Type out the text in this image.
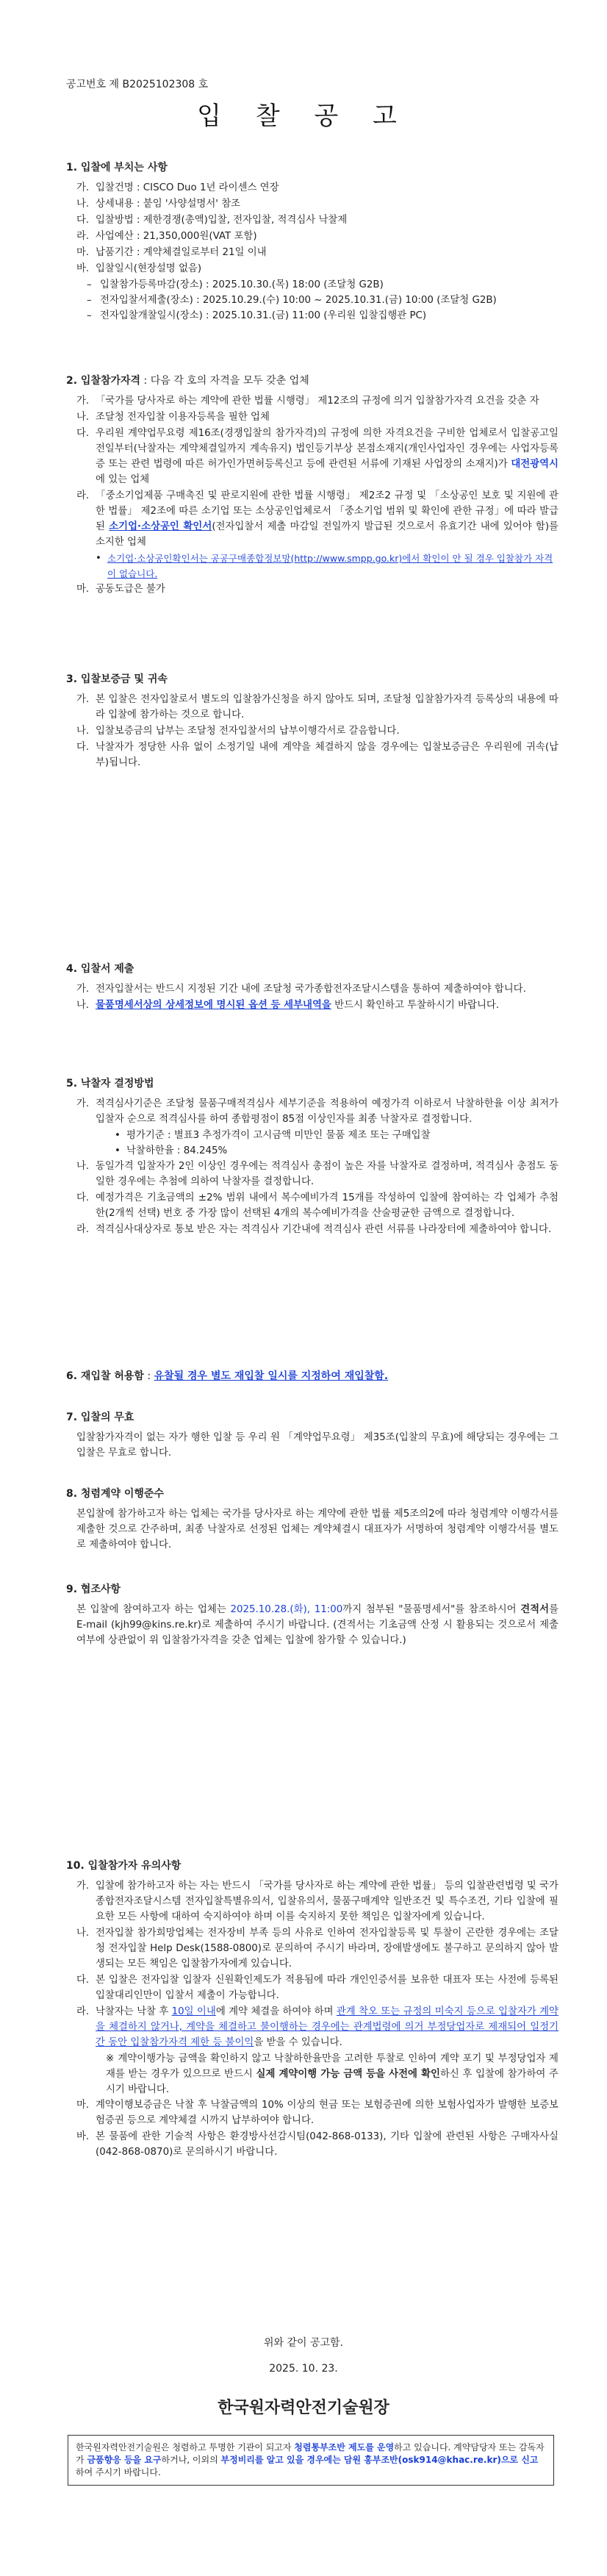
공고번호 제 B2025102308 호
입 찰 공 고
1. 입찰에 부치는 사항
가. 입찰건명 : CISCO Duo 1년 라이센스 연장
나. 상세내용 : 붙임 '사양설명서' 참조
다. 입찰방법 : 제한경쟁(총액)입찰, 전자입찰, 적격심사 낙찰제
라. 사업예산 : 21,350,000원(VAT 포함)
마. 납품기간 : 계약체결일로부터 21일 이내
바. 입찰일시(현장설명 없음)
– 입찰참가등록마감(장소) : 2025.10.30.(목) 18:00 (조달청 G2B)
– 전자입찰서제출(장소) : 2025.10.29.(수) 10:00 ~ 2025.10.31.(금) 10:00 (조달청 G2B)
– 전자입찰개찰일시(장소) : 2025.10.31.(금) 11:00 (우리원 입찰집행관 PC)
2. 입찰참가자격 : 다음 각 호의 자격을 모두 갖춘 업체
가. 「국가를 당사자로 하는 계약에 관한 법률 시행령」 제12조의 규정에 의거 입찰참가자격 요건을 갖춘 자
나. 조달청 전자입찰 이용자등록을 필한 업체
다. 우리원 계약업무요령 제16조(경쟁입찰의 참가자격)의 규정에 의한 자격요건을 구비한 업체로서 입찰공고일 전일부터(낙찰자는 계약체결일까지 계속유지) 법인등기부상 본점소재지(개인사업자인 경우에는 사업자등록증 또는 관련 법령에 따른 허가인가면허등록신고 등에 관련된 서류에 기재된 사업장의 소재지)가 대전광역시에 있는 업체
라. 「중소기업제품 구매촉진 및 판로지원에 관한 법률 시행령」 제2조2 규정 및 「소상공인 보호 및 지원에 관한 법률」 제2조에 따른 소기업 또는 소상공인업체로서 「중소기업 범위 및 확인에 관한 규정」에 따라 발급된 소기업·소상공인 확인서(전자입찰서 제출 마감일 전일까지 발급된 것으로서 유효기간 내에 있어야 함)를 소지한 업체
• 소기업·소상공인확인서는 공공구매종합정보망(http://www.smpp.go.kr)에서 확인이 안 될 경우 입찰참가 자격이 없습니다.
마. 공동도급은 불가
3. 입찰보증금 및 귀속
가. 본 입찰은 전자입찰로서 별도의 입찰참가신청을 하지 않아도 되며, 조달청 입찰참가자격 등록상의 내용에 따라 입찰에 참가하는 것으로 합니다.
나. 입찰보증금의 납부는 조달청 전자입찰서의 납부이행각서로 갈음합니다.
다. 낙찰자가 정당한 사유 없이 소정기일 내에 계약을 체결하지 않을 경우에는 입찰보증금은 우리원에 귀속(납부)됩니다.
4. 입찰서 제출
가. 전자입찰서는 반드시 지정된 기간 내에 조달청 국가종합전자조달시스템을 통하여 제출하여야 합니다.
나. 물품명세서상의 상세정보에 명시된 옵션 등 세부내역을 반드시 확인하고 투찰하시기 바랍니다.
5. 낙찰자 결정방법
가. 적격심사기준은 조달청 물품구매적격심사 세부기준을 적용하여 예정가격 이하로서 낙찰하한율 이상 최저가 입찰자 순으로 적격심사를 하여 종합평점이 85점 이상인자를 최종 낙찰자로 결정합니다.
• 평가기준 : 별표3 추정가격이 고시금액 미만인 물품 제조 또는 구매입찰
• 낙찰하한율 : 84.245%
나. 동일가격 입찰자가 2인 이상인 경우에는 적격심사 총점이 높은 자를 낙찰자로 결정하며, 적격심사 총점도 동일한 경우에는 추첨에 의하여 낙찰자를 결정합니다.
다. 예정가격은 기초금액의 ±2% 범위 내에서 복수예비가격 15개를 작성하여 입찰에 참여하는 각 업체가 추첨한(2개씩 선택) 번호 중 가장 많이 선택된 4개의 복수예비가격을 산술평균한 금액으로 결정합니다.
라. 적격심사대상자로 통보 받은 자는 적격심사 기간내에 적격심사 관련 서류를 나라장터에 제출하여야 합니다.
6. 재입찰 허용함 : 유찰될 경우 별도 재입찰 일시를 지정하여 재입찰함.
7. 입찰의 무효
입찰참가자격이 없는 자가 행한 입찰 등 우리 원 「계약업무요령」 제35조(입찰의 무효)에 해당되는 경우에는 그 입찰은 무효로 합니다.
8. 청렴계약 이행준수
본입찰에 참가하고자 하는 업체는 국가를 당사자로 하는 계약에 관한 법률 제5조의2에 따라 청렴계약 이행각서를 제출한 것으로 간주하며, 최종 낙찰자로 선정된 업체는 계약체결시 대표자가 서명하여 청렴계약 이행각서를 별도로 제출하여야 합니다.
9. 협조사항
본 입찰에 참여하고자 하는 업체는 2025.10.28.(화), 11:00까지 첨부된 "물품명세서"를 참조하시어 견적서를 E-mail (kjh99@kins.re.kr)로 제출하여 주시기 바랍니다. (견적서는 기초금액 산정 시 활용되는 것으로서 제출 여부에 상관없이 위 입찰참가자격을 갖춘 업체는 입찰에 참가할 수 있습니다.)
10. 입찰참가자 유의사항
가. 입찰에 참가하고자 하는 자는 반드시 「국가를 당사자로 하는 계약에 관한 법률」 등의 입찰관련법령 및 국가종합전자조달시스템 전자입찰특별유의서, 입찰유의서, 물품구매계약 일반조건 및 특수조건, 기타 입찰에 필요한 모든 사항에 대하여 숙지하여야 하며 이를 숙지하지 못한 책임은 입찰자에게 있습니다.
나. 전자입찰 참가희망업체는 전자장비 부족 등의 사유로 인하여 전자입찰등록 및 투찰이 곤란한 경우에는 조달청 전자입찰 Help Desk(1588-0800)로 문의하여 주시기 바라며, 장애발생에도 불구하고 문의하지 않아 발생되는 모든 책임은 입찰참가자에게 있습니다.
다. 본 입찰은 전자입찰 입찰자 신원확인제도가 적용됨에 따라 개인인증서를 보유한 대표자 또는 사전에 등록된 입찰대리인만이 입찰서 제출이 가능합니다.
라. 낙찰자는 낙찰 후 10일 이내에 계약 체결을 하여야 하며 관계 착오 또는 규정의 미숙지 등으로 입찰자가 계약을 체결하지 않거나, 계약을 체결하고 불이행하는 경우에는 관계법령에 의거 부정당업자로 제재되어 일정기간 동안 입찰참가자격 제한 등 불이익을 받을 수 있습니다.
※ 계약이행가능 금액을 확인하지 않고 낙찰하한율만을 고려한 투찰로 인하여 계약 포기 및 부정당업자 제재를 받는 경우가 있으므로 반드시 실제 계약이행 가능 금액 등을 사전에 확인하신 후 입찰에 참가하여 주시기 바랍니다.
마. 계약이행보증금은 낙찰 후 낙찰금액의 10% 이상의 현금 또는 보험증권에 의한 보험사업자가 발행한 보증보험증권 등으로 계약체결 시까지 납부하여야 합니다.
바. 본 물품에 관한 기술적 사항은 환경방사선감시팀(042-868-0133), 기타 입찰에 관련된 사항은 구매자사실(042-868-0870)로 문의하시기 바랍니다.
위와 같이 공고함.
2025. 10. 23.
한국원자력안전기술원장
한국원자력안전기술원은 청렴하고 투명한 기관이 되고자 청렴통부조반 제도를 운영하고 있습니다. 계약담당자 또는 감독자가 금품향응 등을 요구하거나, 이외의 부정비리를 알고 있을 경우에는 담원 홍부조반(osk914@khac.re.kr)으로 신고하여 주시기 바랍니다.
